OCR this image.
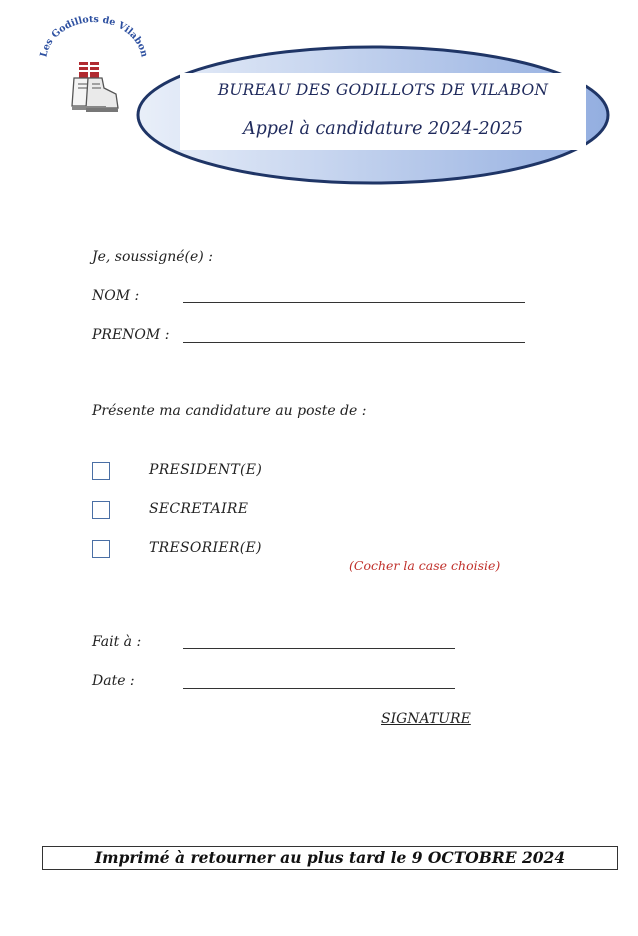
Les Godillots de Vilabon
BUREAU DES GODILLOTS DE VILABON
Appel à candidature 2024-2025
Je, soussigné(e) :
NOM :
PRENOM :
Présente ma candidature au poste de :
PRESIDENT(E)
SECRETAIRE
TRESORIER(E)
(Cocher la case choisie)
Fait à :
Date :
SIGNATURE
Imprimé à retourner au plus tard le 9 OCTOBRE 2024
